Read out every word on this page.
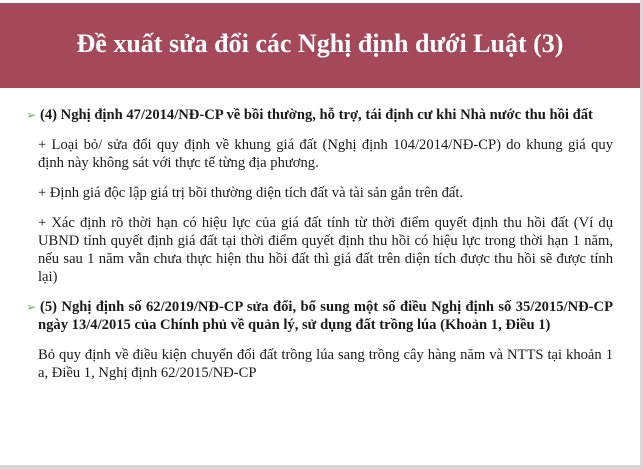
Đề xuất sửa đổi các Nghị định dưới Luật (3)

➢ (4) Nghị định 47/2014/NĐ-CP về bồi thường, hỗ trợ, tái định cư khi Nhà nước thu hồi đất

+ Loại bỏ/ sửa đổi quy định về khung giá đất (Nghị định 104/2014/NĐ-CP) do khung giá quy định này không sát với thực tế từng địa phương.

+ Định giá độc lập giá trị bồi thường diện tích đất và tài sản gắn trên đất.

+ Xác định rõ thời hạn có hiệu lực của giá đất tính từ thời điểm quyết định thu hồi đất (Ví dụ UBND tỉnh quyết định giá đất tại thời điểm quyết định thu hồi có hiệu lực trong thời hạn 1 năm, nếu sau 1 năm vẫn chưa thực hiện thu hồi đất thì giá đất trên diện tích được thu hồi sẽ được tính lại)

➢ (5) Nghị định số 62/2019/NĐ-CP sửa đổi, bổ sung một số điều Nghị định số 35/2015/NĐ-CP ngày 13/4/2015 của Chính phủ về quản lý, sử dụng đất trồng lúa (Khoản 1, Điều 1)

Bỏ quy định về điều kiện chuyển đổi đất trồng lúa sang trồng cây hàng năm và NTTS tại khoản 1 a, Điều 1, Nghị định 62/2015/NĐ-CP
